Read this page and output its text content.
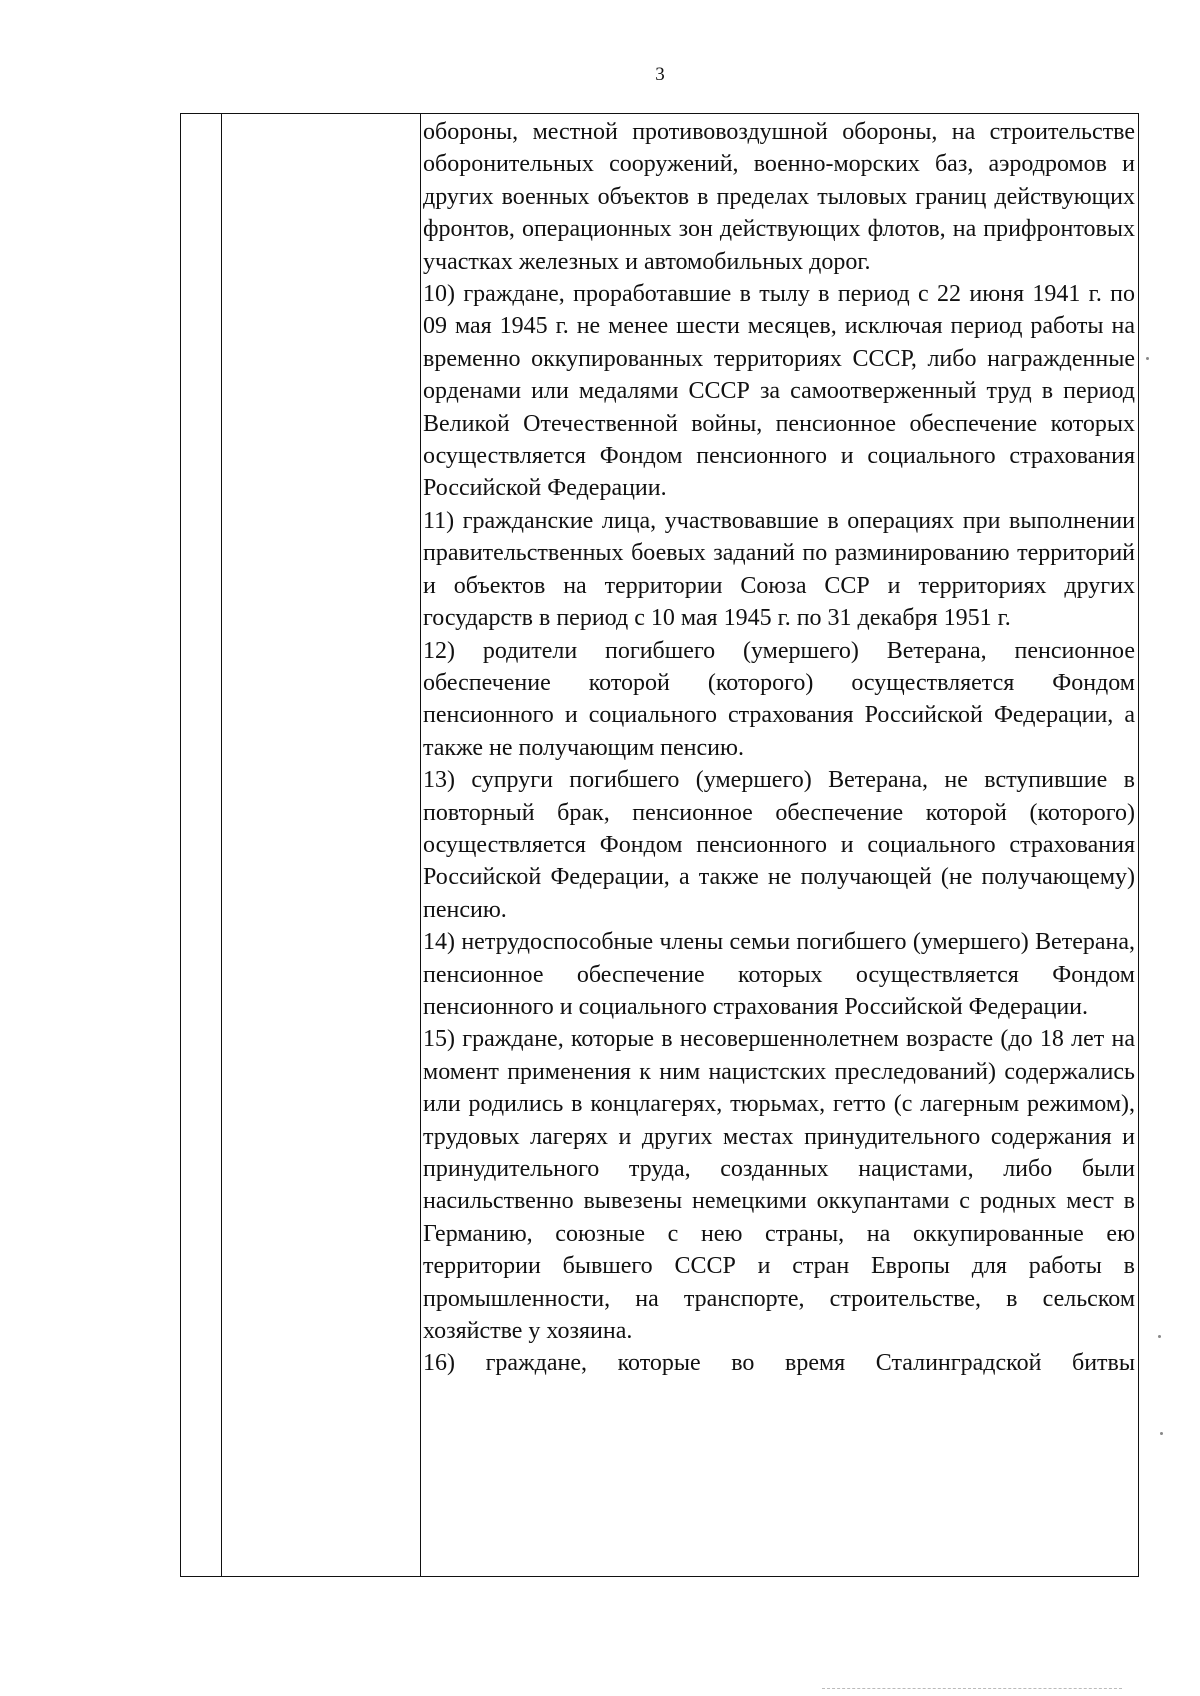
3

обороны, местной противовоздушной обороны, на строительстве оборонительных сооружений, военно-морских баз, аэродромов и других военных объектов в пределах тыловых границ действующих фронтов, операционных зон действующих флотов, на прифронтовых участках железных и автомобильных дорог.

10) граждане, проработавшие в тылу в период с 22 июня 1941 г. по 09 мая 1945 г. не менее шести месяцев, исключая период работы на временно оккупированных территориях СССР, либо награжденные орденами или медалями СССР за самоотверженный труд в период Великой Отечественной войны, пенсионное обеспечение которых осуществляется Фондом пенсионного и социального страхования Российской Федерации.

11) гражданские лица, участвовавшие в операциях при выполнении правительственных боевых заданий по разминированию территорий и объектов на территории Союза ССР и территориях других государств в период с 10 мая 1945 г. по 31 декабря 1951 г.

12) родители погибшего (умершего) Ветерана, пенсионное обеспечение которой (которого) осуществляется Фондом пенсионного и социального страхования Российской Федерации, а также не получающим пенсию.

13) супруги погибшего (умершего) Ветерана, не вступившие в повторный брак, пенсионное обеспечение которой (которого) осуществляется Фондом пенсионного и социального страхования Российской Федерации, а также не получающей (не получающему) пенсию.

14) нетрудоспособные члены семьи погибшего (умершего) Ветерана, пенсионное обеспечение которых осуществляется Фондом пенсионного и социального страхования Российской Федерации.

15) граждане, которые в несовершеннолетнем возрасте (до 18 лет на момент применения к ним нацистских преследований) содержались или родились в концлагерях, тюрьмах, гетто (с лагерным режимом), трудовых лагерях и других местах принудительного содержания и принудительного труда, созданных нацистами, либо были насильственно вывезены немецкими оккупантами с родных мест в Германию, союзные с нею страны, на оккупированные ею территории бывшего СССР и стран Европы для работы в промышленности, на транспорте, строительстве, в сельском хозяйстве у хозяина.

16) граждане, которые во время Сталинградской битвы
